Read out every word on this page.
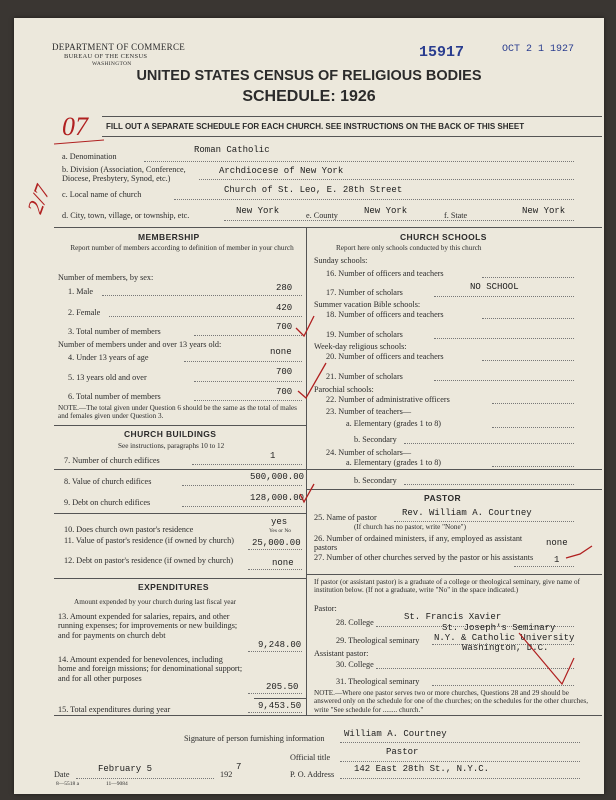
DEPARTMENT OF COMMERCE
BUREAU OF THE CENSUS
WASHINGTON
15917	OCT 2 1 1927
UNITED STATES CENSUS OF RELIGIOUS BODIES
SCHEDULE: 1926
07
2/7
FILL OUT A SEPARATE SCHEDULE FOR EACH CHURCH. SEE INSTRUCTIONS ON THE BACK OF THIS SHEET
a. Denomination
Roman Catholic
b. Division (Association, Conference, Diocese, Presbytery, Synod, etc.)
Archdiocese of New York
c. Local name of church	Church of St. Leo, E. 28th Street
d. City, town, village, or township, etc.	New York	e. County	New York	f. State	New York
MEMBERSHIP
Report number of members according to definition of member in your church
Number of members, by sex:
1. Male	280
2. Female	420
3. Total number of members	700
Number of members under and over 13 years old:
4. Under 13 years of age
none
5. 13 years old and over
700
6. Total number of members	700
NOTE.—The total given under Question 6 should be the same as the total of males and females given under Question 3.
CHURCH BUILDINGS
See instructions, paragraphs 10 to 12
7. Number of church edifices	1
8. Value of church edifices	500,000.00
9. Debt on church edifices	128,000.00
10. Does church own pastor's residence
yes
Yes or No
11. Value of pastor's residence (if owned by church)	25,000.00
12. Debt on pastor's residence (if owned by church)	none
EXPENDITURES
Amount expended by your church during last fiscal year
13. Amount expended for salaries, repairs, and other running expenses; for improvements or new buildings; and for payments on church debt
9,248.00
14. Amount expended for benevolences, including home and foreign missions; for denominational support; and for all other purposes
205.50
15. Total expenditures during year	9,453.50
CHURCH SCHOOLS
Report here only schools conducted by this church
Sunday schools:
16. Number of officers and teachers
17. Number of scholars
NO SCHOOL
Summer vacation Bible schools:
18. Number of officers and teachers
19. Number of scholars
Week-day religious schools:
20. Number of officers and teachers
21. Number of scholars
Parochial schools:
22. Number of administrative officers
23. Number of teachers—
a. Elementary (grades 1 to 8)
b. Secondary
24. Number of scholars—
a. Elementary (grades 1 to 8)
b. Secondary
PASTOR
25. Name of pastor	Rev. William A. Courtney
(If church has no pastor, write "None")
26. Number of ordained ministers, if any, employed as assistant pastors	none
27. Number of other churches served by the pastor or his assistants	1
If pastor (or assistant pastor) is a graduate of a college or theological seminary, give name of institution below. (If not a graduate, write "No" in the space indicated.)
Pastor:
28. College
St. Francis Xavier
29. Theological seminary
St. Joseph's Seminary
N.Y. & Catholic University
Washington, D.C.
Assistant pastor:
30. College
31. Theological seminary
NOTE.—Where one pastor serves two or more churches, Questions 28 and 29 should be answered only on the schedule for one of the churches; on the schedules for the other churches, write "See schedule for ........ church."
Signature of person furnishing information William A. Courtney
Official title
Pastor
Date
February 5
192
7
P. O. Address
142 East 28th St., N.Y.C.
8—5518 a	11—9084
